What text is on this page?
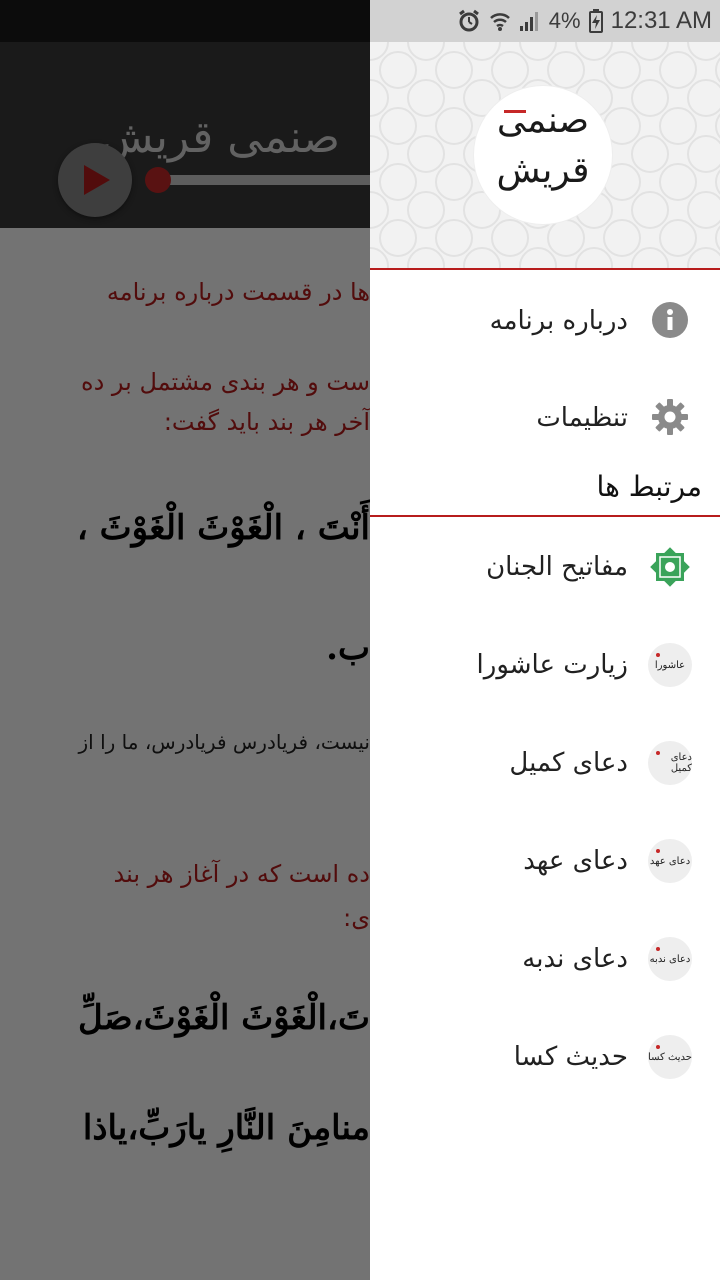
4% 12:31 AM
صنمی
قریش
درباره برنامه
تنظیمات
مرتبط ها
مفاتیح الجنان
عاشورا
زیارت عاشورا
دعای کمیل
دعای کمیل
دعای عهد
دعای عهد
دعای ندبه
دعای ندبه
حدیث کسا
حدیث کسا
